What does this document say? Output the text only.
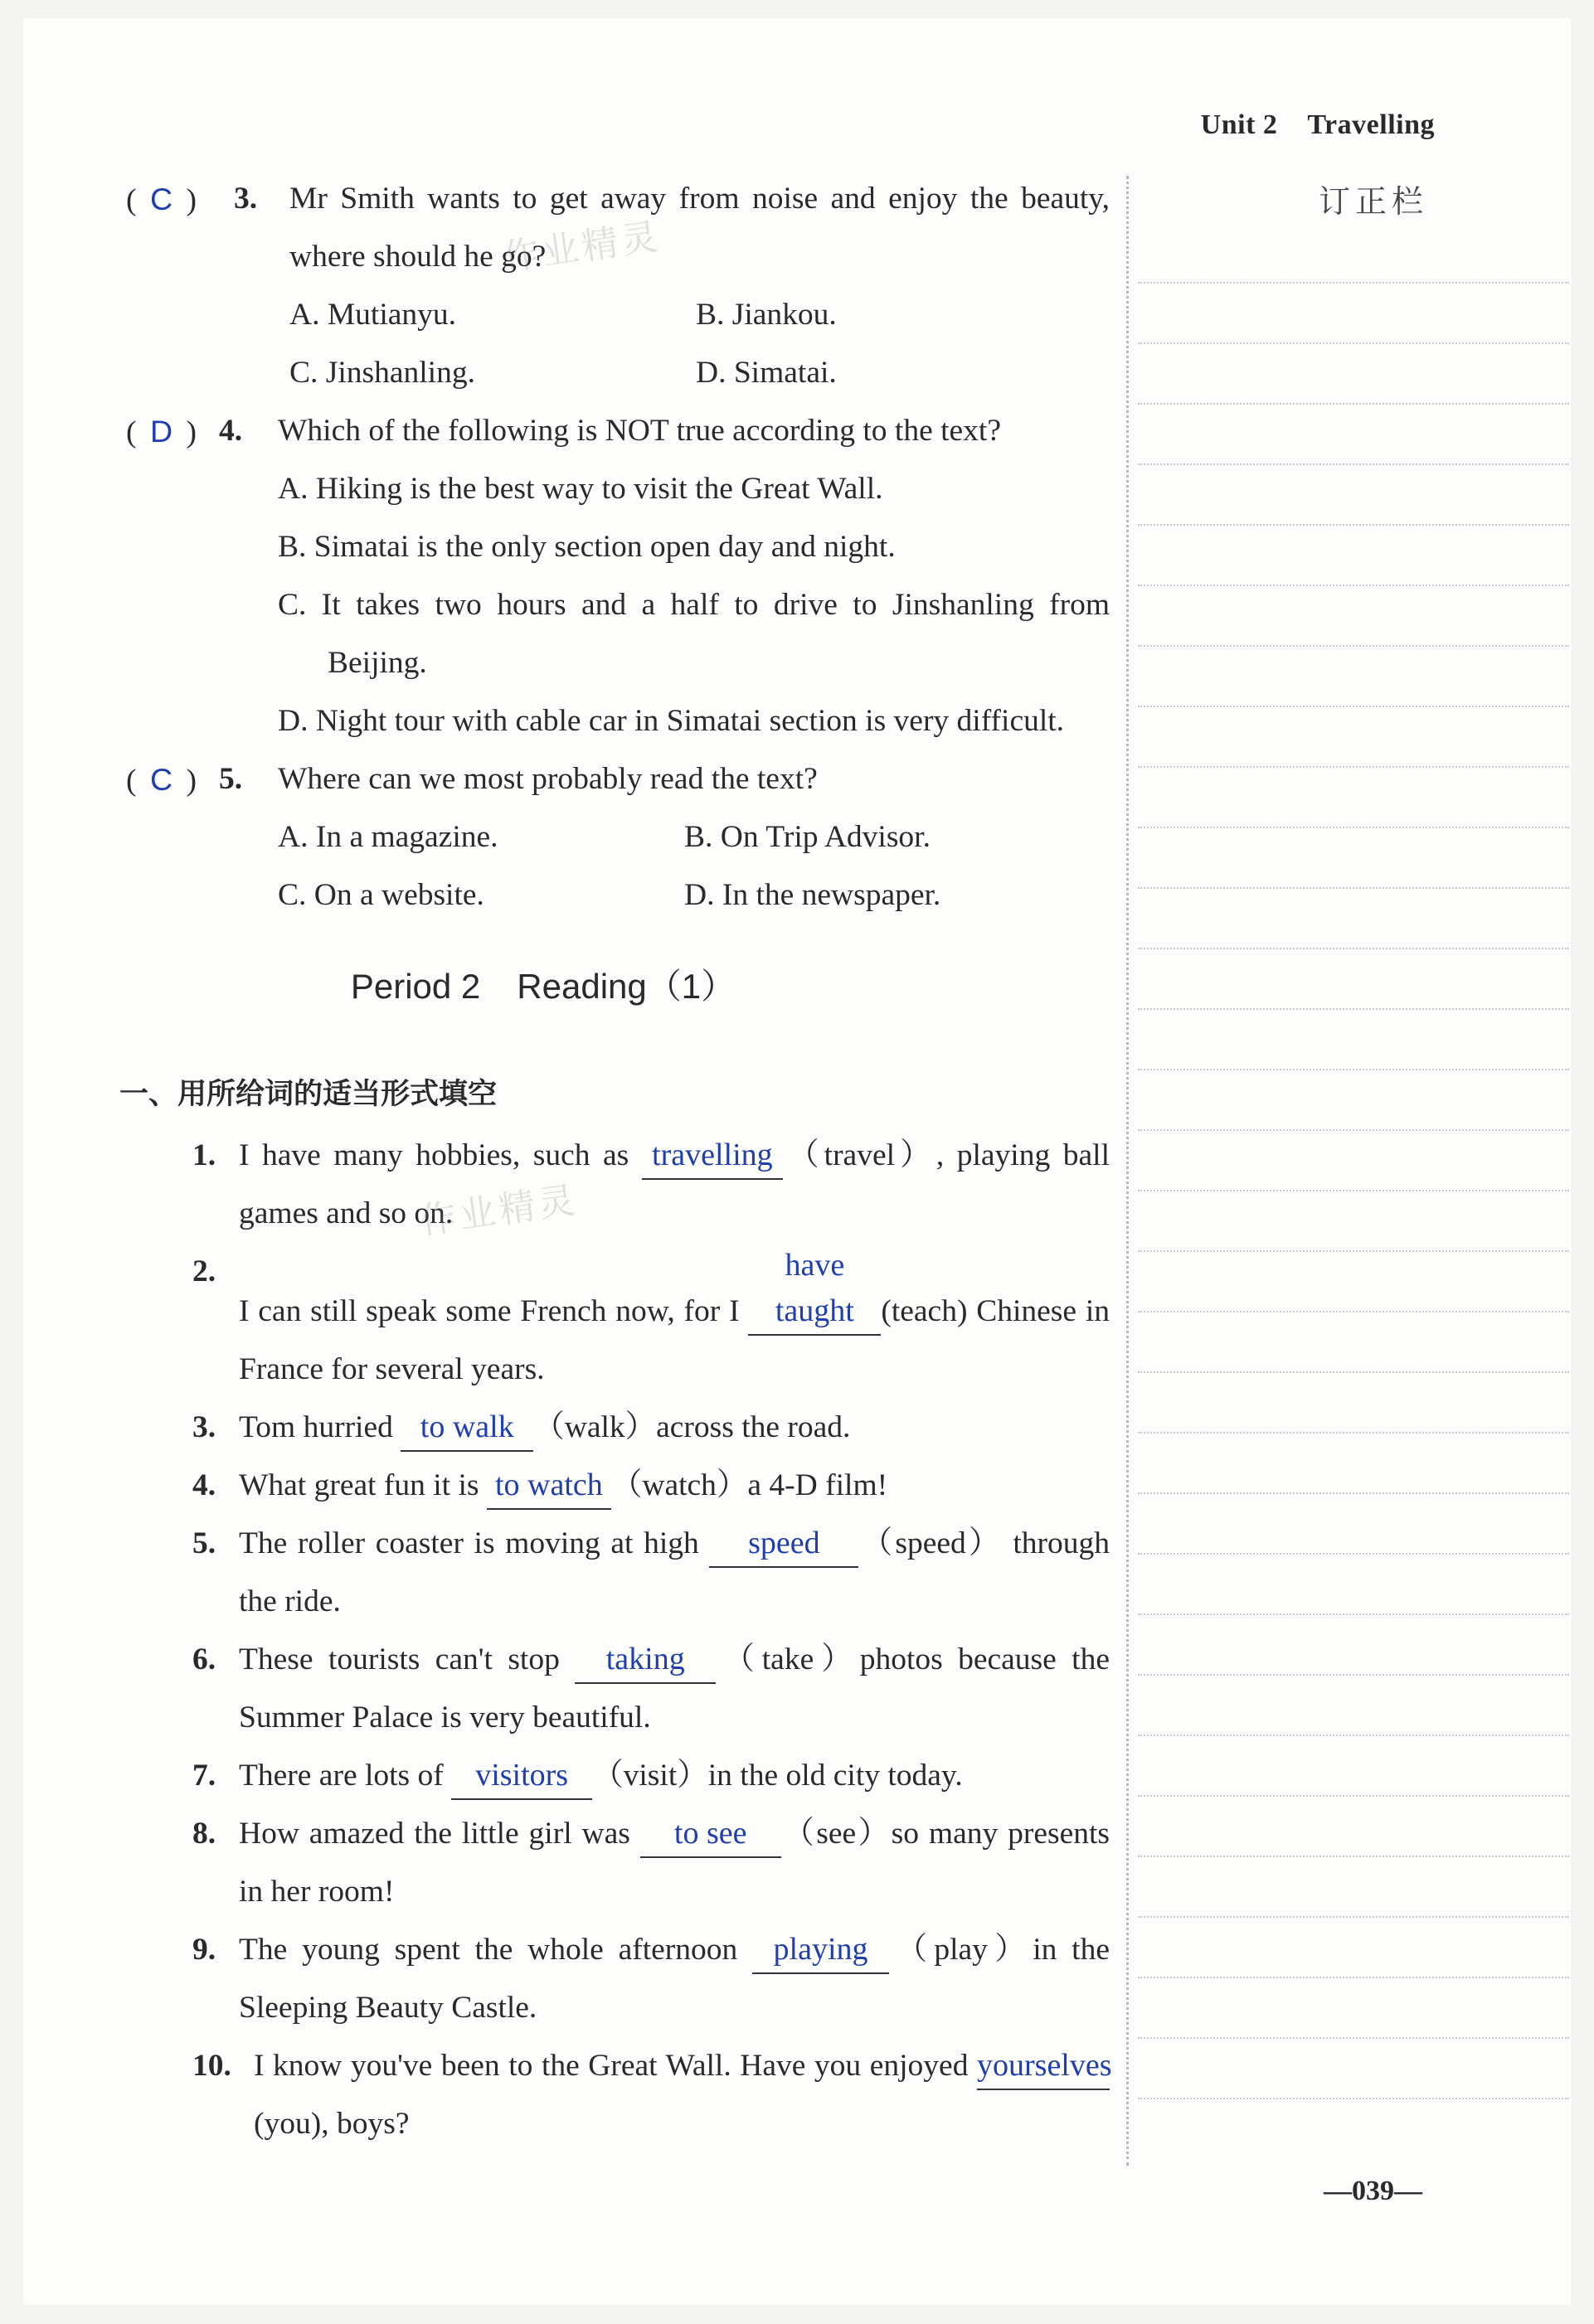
Unit 2 Travelling
订正栏
( C ) 3. Mr Smith wants to get away from noise and enjoy the beauty, where should he go?
A. Mutianyu.	B. Jiankou.
C. Jinshanling.	D. Simatai.
( D ) 4. Which of the following is NOT true according to the text?
A. Hiking is the best way to visit the Great Wall.
B. Simatai is the only section open day and night.
C. It takes two hours and a half to drive to Jinshanling from Beijing.
D. Night tour with cable car in Simatai section is very difficult.
( C ) 5. Where can we most probably read the text?
A. In a magazine.	B. On Trip Advisor.
C. On a website.	D. In the newspaper.
Period 2 Reading（1）
一、用所给词的适当形式填空
1. I have many hobbies, such as travelling （travel）, playing ball games and so on.
2.
I can still speak some French now, for I have taught (teach) Chinese in France for several years.
3. Tom hurried to walk （walk）across the road.
4. What great fun it is to watch （watch）a 4-D film!
5. The roller coaster is moving at high speed （speed） through the ride.
6. These tourists can't stop taking （take）photos because the Summer Palace is very beautiful.
7. There are lots of visitors （visit）in the old city today.
8. How amazed the little girl was to see （see）so many presents in her room!
9. The young spent the whole afternoon playing （play）in the Sleeping Beauty Castle.
10. I know you've been to the Great Wall. Have you enjoyed yourselves(you), boys?
作业精灵
作业精灵
—039—
